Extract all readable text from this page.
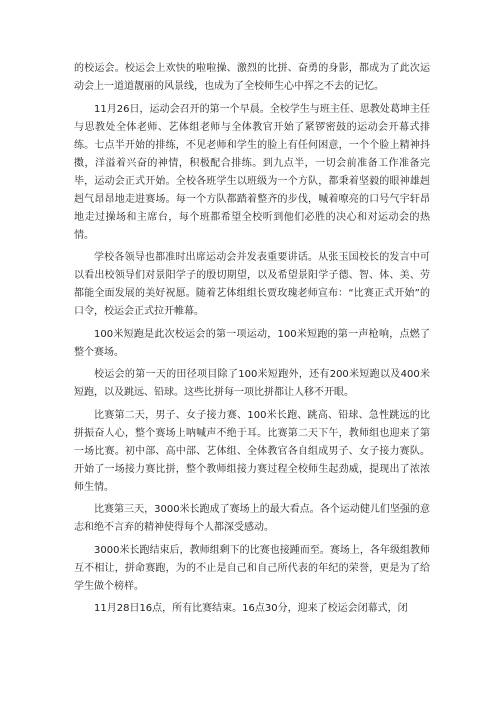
的校运会。校运会上欢快的啦啦操、激烈的比拼、奋勇的身影，都成为了此次运动会上一道道靓丽的风景线，也成为了全校师生心中挥之不去的记忆。

11月26日，运动会召开的第一个早晨。全校学生与班主任、思教处葛坤主任与思教处全体老师、艺体组老师与全体教官开始了紧锣密鼓的运动会开幕式排练。七点半开始的排练，不见老师和学生的脸上有任何困意，一个个脸上精神抖擞，洋溢着兴奋的神情，积极配合排练。到九点半，一切会前准备工作准备完毕，运动会正式开始。全校各班学生以班级为一个方队，都秉着坚毅的眼神雄赳赳气昂昂地走进赛场。每一个方队都踏着整齐的步伐，喊着嘹亮的口号气宇轩昂地走过操场和主席台，每个班都希望全校听到他们必胜的决心和对运动会的热情。

学校各领导也都准时出席运动会并发表重要讲话。从张玉国校长的发言中可以看出校领导们对景阳学子的殷切期望，以及希望景阳学子德、智、体、美、劳都能全面发展的美好祝愿。随着艺体组组长贾玫瑰老师宣布：“比赛正式开始”的口令，校运会正式拉开帷幕。

100米短跑是此次校运会的第一项运动，100米短跑的第一声枪响，点燃了整个赛场。

校运会的第一天的田径项目除了100米短跑外，还有200米短跑以及400米短跑，以及跳远、铅球。这些比拼每一项比拼都让人移不开眼。

比赛第二天，男子、女子接力赛、100米长跑、跳高、铅球、急性跳远的比拼振奋人心，整个赛场上呐喊声不绝于耳。比赛第二天下午，教师组也迎来了第一场比赛。初中部、高中部、艺体组、全体教官各自组成男子、女子接力赛队。开始了一场接力赛比拼，整个教师组接力赛过程全校师生起劲威，提现出了浓浓师生情。

比赛第三天，3000米长跑成了赛场上的最大看点。各个运动健儿们坚强的意志和绝不言弃的精神使得每个人都深受感动。

3000米长跑结束后，教师组剩下的比赛也接踵而至。赛场上，各年级组教师互不相让，拼命赛跑，为的不止是自己和自己所代表的年纪的荣誉，更是为了给学生做个榜样。

11月28日16点，所有比赛结束。16点30分，迎来了校运会闭幕式，闭
